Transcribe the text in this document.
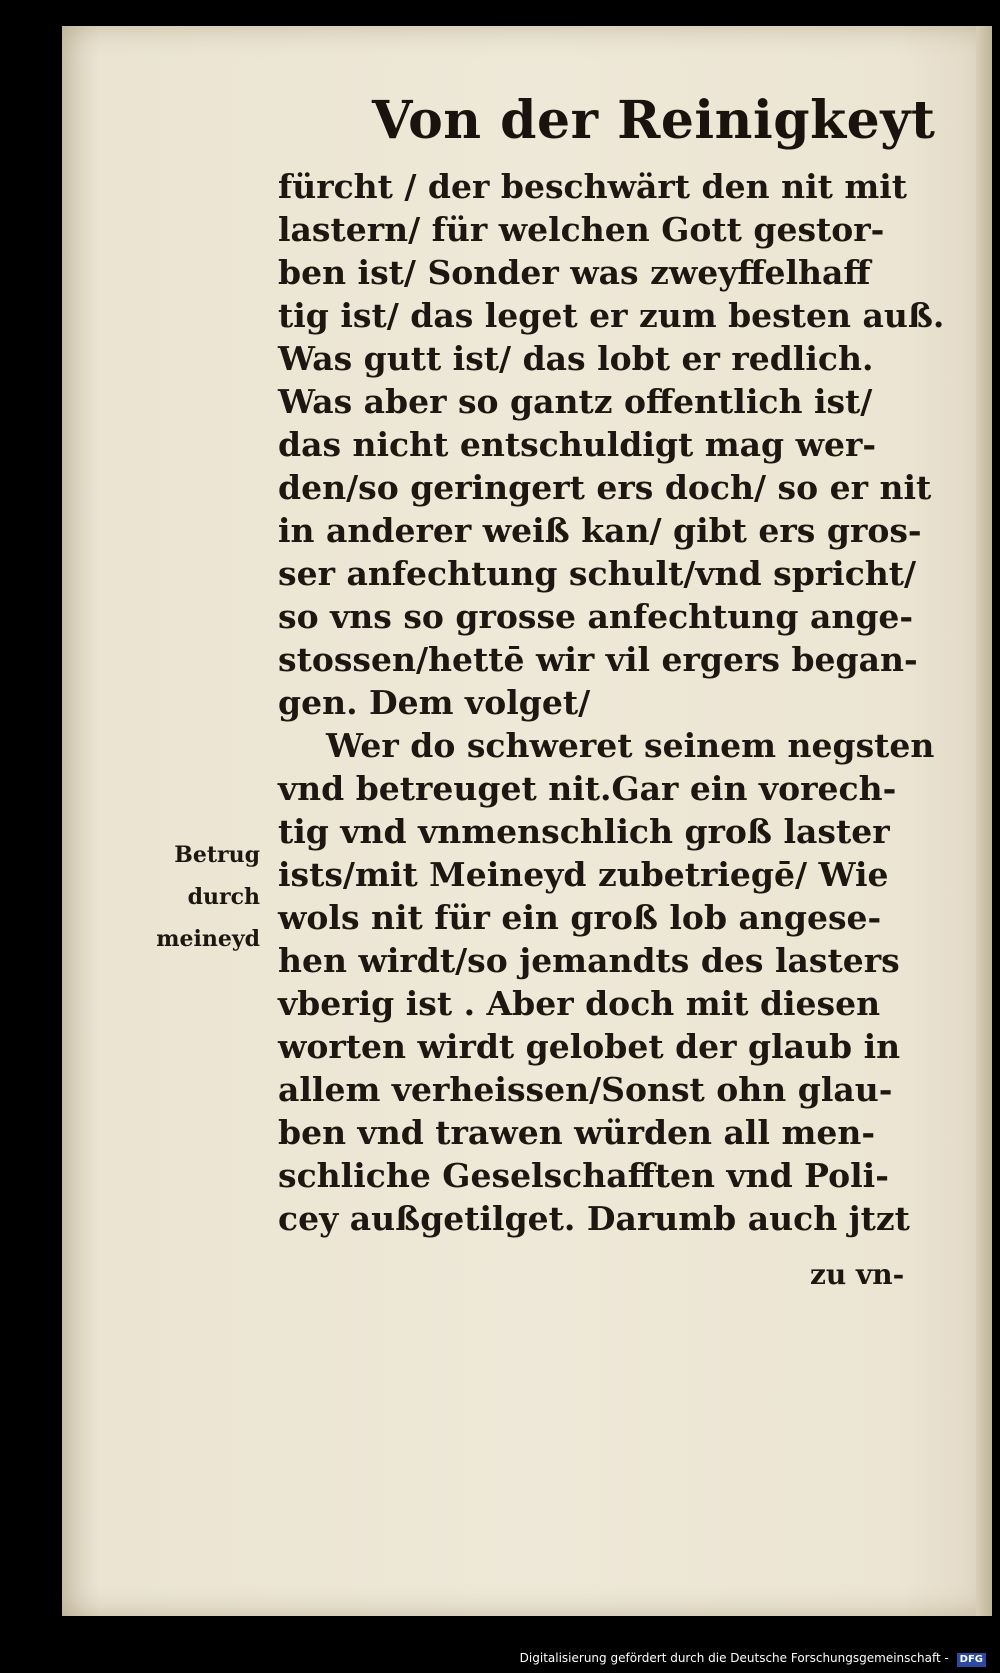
Von der Reinigkeyt
fürcht / der beschwärt den nit mit
lastern/ für welchen Gott gestor-
ben ist/ Sonder was zweyffelhaff
tig ist/ das leget er zum besten auß.
Was gutt ist/ das lobt er redlich.
Was aber so gantz offentlich ist/
das nicht entschuldigt mag wer-
den/so geringert ers doch/ so er nit
in anderer weiß kan/ gibt ers gros-
ser anfechtung schult/vnd spricht/
so vns so grosse anfechtung ange-
stossen/hettē wir vil ergers began-
gen. Dem volget/
Wer do schweret seinem negsten
vnd betreuget nit.Gar ein vorech-
tig vnd vnmenschlich groß laster
ists/mit Meineyd zubetriegē/ Wie
wols nit für ein groß lob angese-
hen wirdt/so jemandts des lasters
vberig ist . Aber doch mit diesen
worten wirdt gelobet der glaub in
allem verheissen/Sonst ohn glau-
ben vnd trawen würden all men-
schliche Geselschafften vnd Poli-
cey außgetilget. Darumb auch jtzt
Betrug
durch
meineyd
zu vn-
Digitalisierung gefördert durch die Deutsche Forschungsgemeinschaft - DFG
